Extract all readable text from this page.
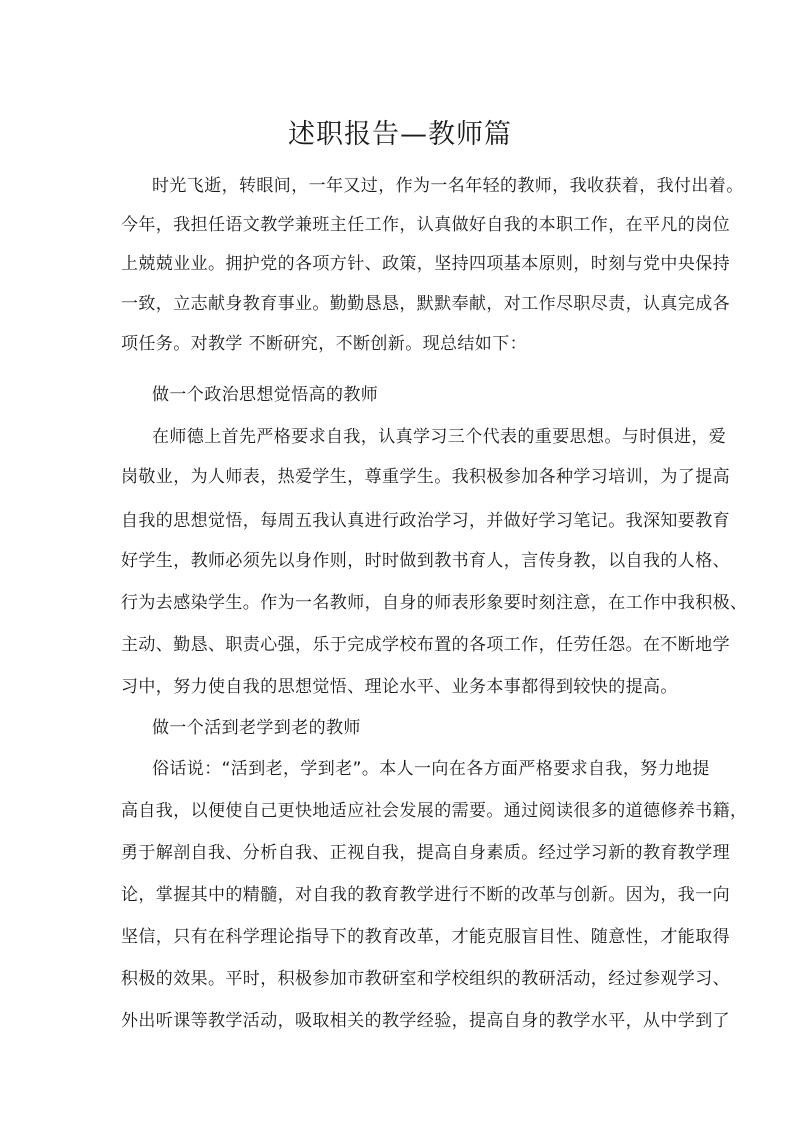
述职报告—教师篇
时光飞逝，转眼间，一年又过，作为一名年轻的教师，我收获着，我付出着。
今年，我担任语文教学兼班主任工作，认真做好自我的本职工作，在平凡的岗位
上兢兢业业。拥护党的各项方针、政策，坚持四项基本原则，时刻与党中央保持
一致，立志献身教育事业。勤勤恳恳，默默奉献，对工作尽职尽责，认真完成各
项任务。对教学 不断研究，不断创新。现总结如下：
做一个政治思想觉悟高的教师
在师德上首先严格要求自我，认真学习三个代表的重要思想。与时俱进，爱
岗敬业，为人师表，热爱学生，尊重学生。我积极参加各种学习培训，为了提高
自我的思想觉悟，每周五我认真进行政治学习，并做好学习笔记。我深知要教育
好学生，教师必须先以身作则，时时做到教书育人，言传身教，以自我的人格、
行为去感染学生。作为一名教师，自身的师表形象要时刻注意，在工作中我积极、
主动、勤恳、职责心强，乐于完成学校布置的各项工作，任劳任怨。在不断地学
习中，努力使自我的思想觉悟、理论水平、业务本事都得到较快的提高。
做一个活到老学到老的教师
俗话说：“活到老，学到老”。本人一向在各方面严格要求自我，努力地提
高自我，以便使自己更快地适应社会发展的需要。通过阅读很多的道德修养书籍，
勇于解剖自我、分析自我、正视自我，提高自身素质。经过学习新的教育教学理
论，掌握其中的精髓，对自我的教育教学进行不断的改革与创新。因为，我一向
坚信，只有在科学理论指导下的教育改革，才能克服盲目性、随意性，才能取得
积极的效果。平时，积极参加市教研室和学校组织的教研活动，经过参观学习、
外出听课等教学活动，吸取相关的教学经验，提高自身的教学水平，从中学到了
